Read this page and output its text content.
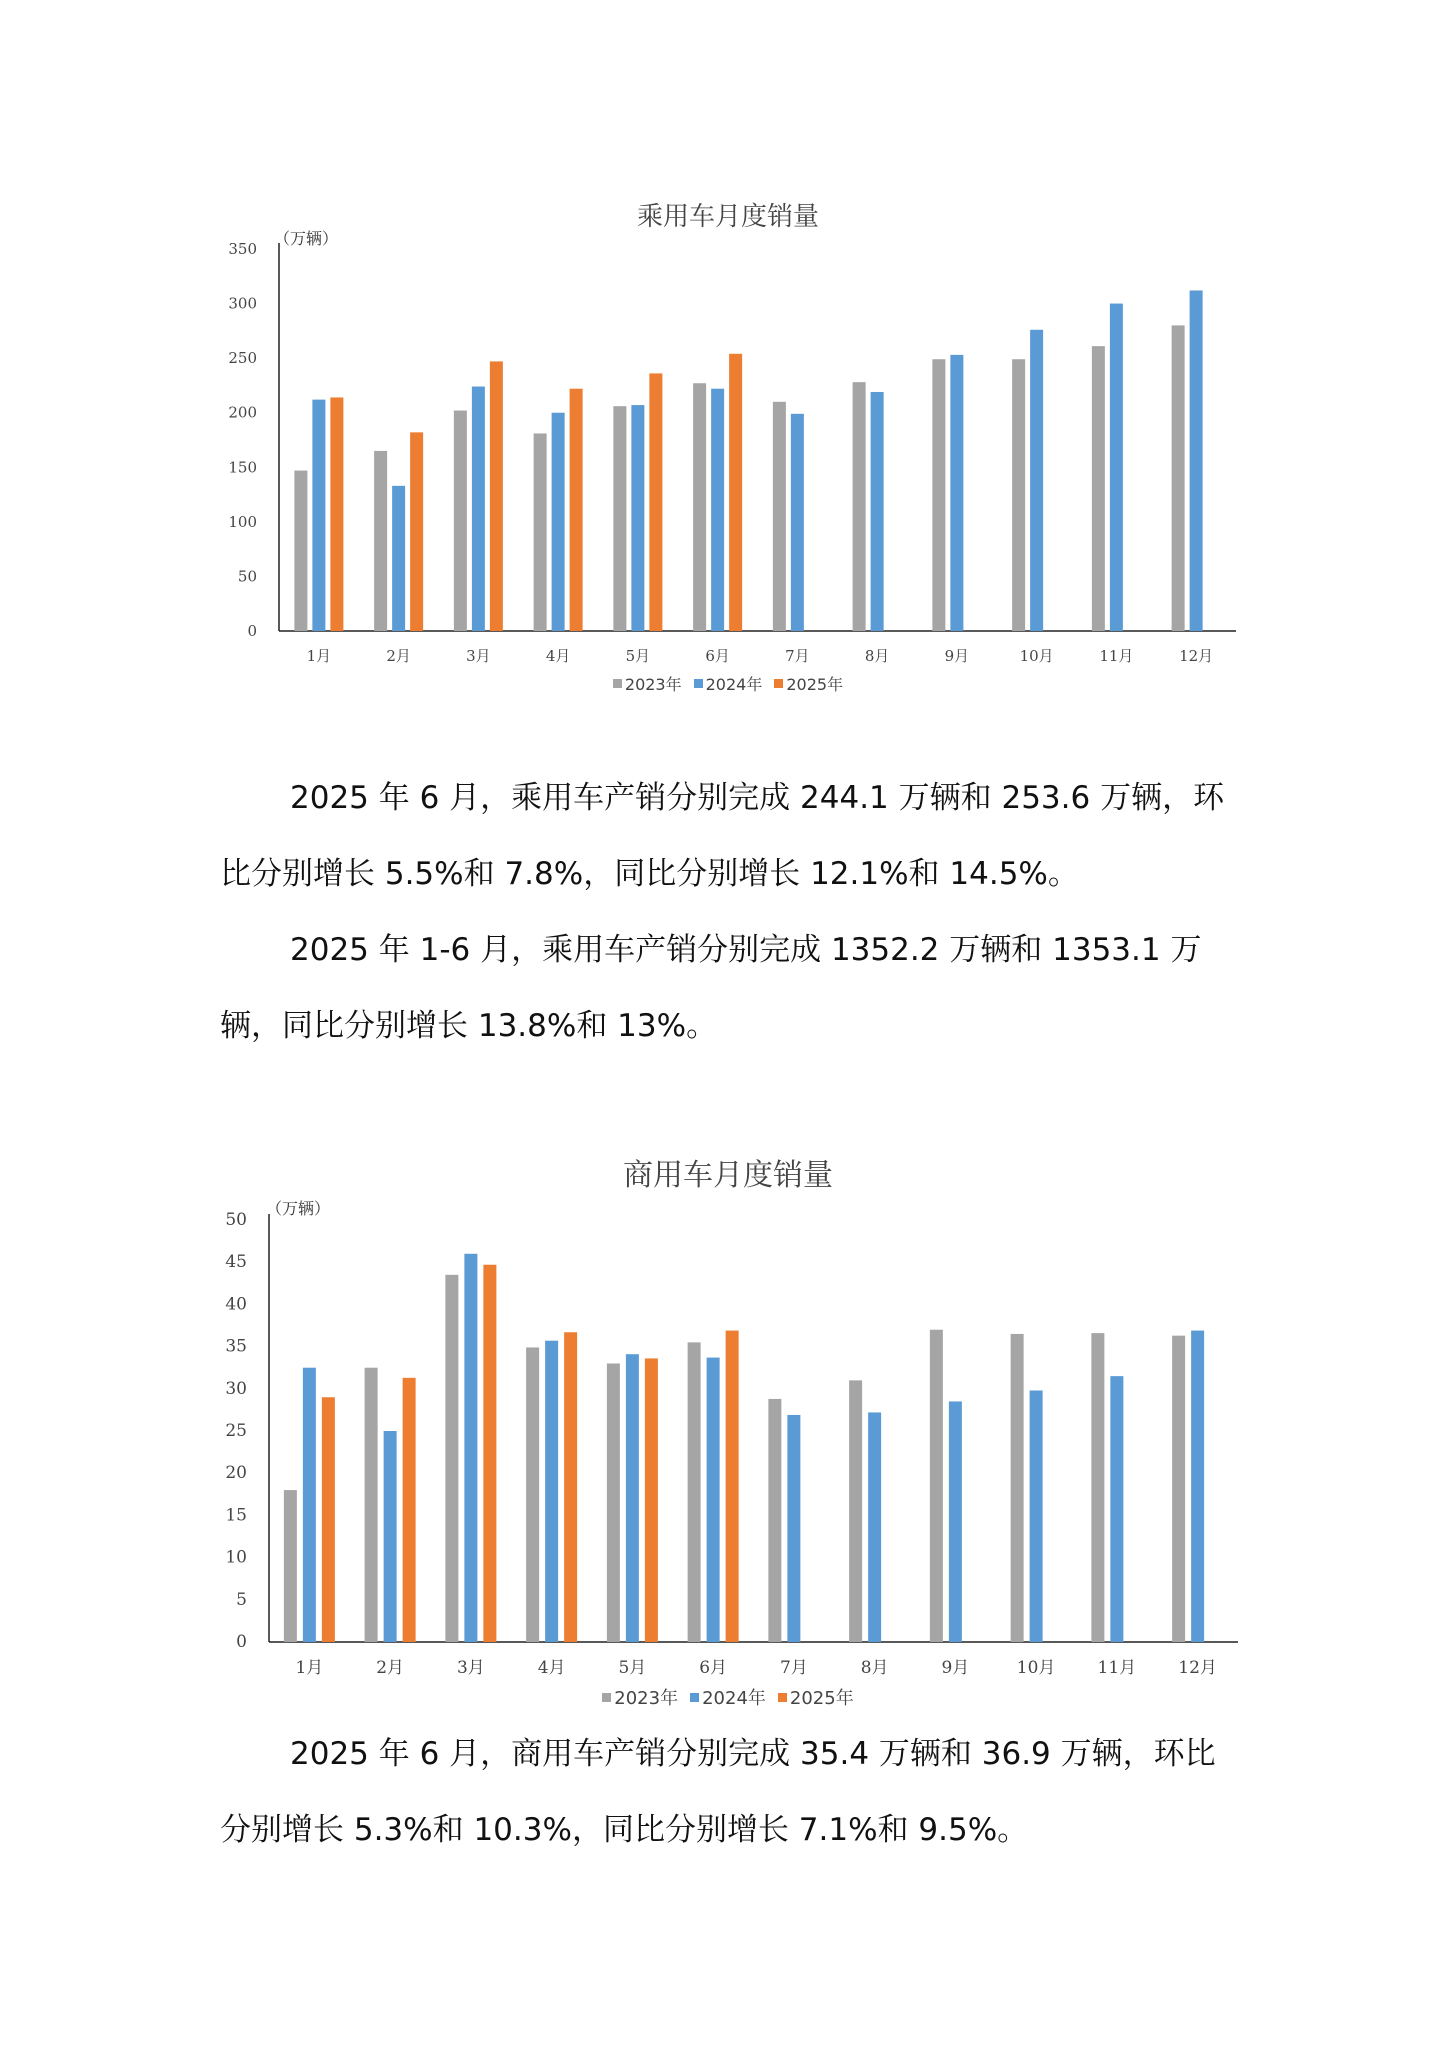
乘用车月度销量
（万辆）
0
50
100
150
200
250
300
350
1月	2月	3月	4月	5月	6月	7月	8月	9月	10月	11月	12月
2023年 2024年 2025年

2025 年 6 月，乘用车产销分别完成 244.1 万辆和 253.6 万辆，环比分别增长 5.5%和 7.8%，同比分别增长 12.1%和 14.5%。

2025 年 1-6 月，乘用车产销分别完成 1352.2 万辆和 1353.1 万辆，同比分别增长 13.8%和 13%。

商用车月度销量
（万辆）
0
5
10
15
20
25
30
35
40
45
50
1月	2月	3月	4月	5月	6月	7月	8月	9月	10月 11月 12月
2023年 2024年 2025年

2025 年 6 月，商用车产销分别完成 35.4 万辆和 36.9 万辆，环比分别增长 5.3%和 10.3%，同比分别增长 7.1%和 9.5%。
